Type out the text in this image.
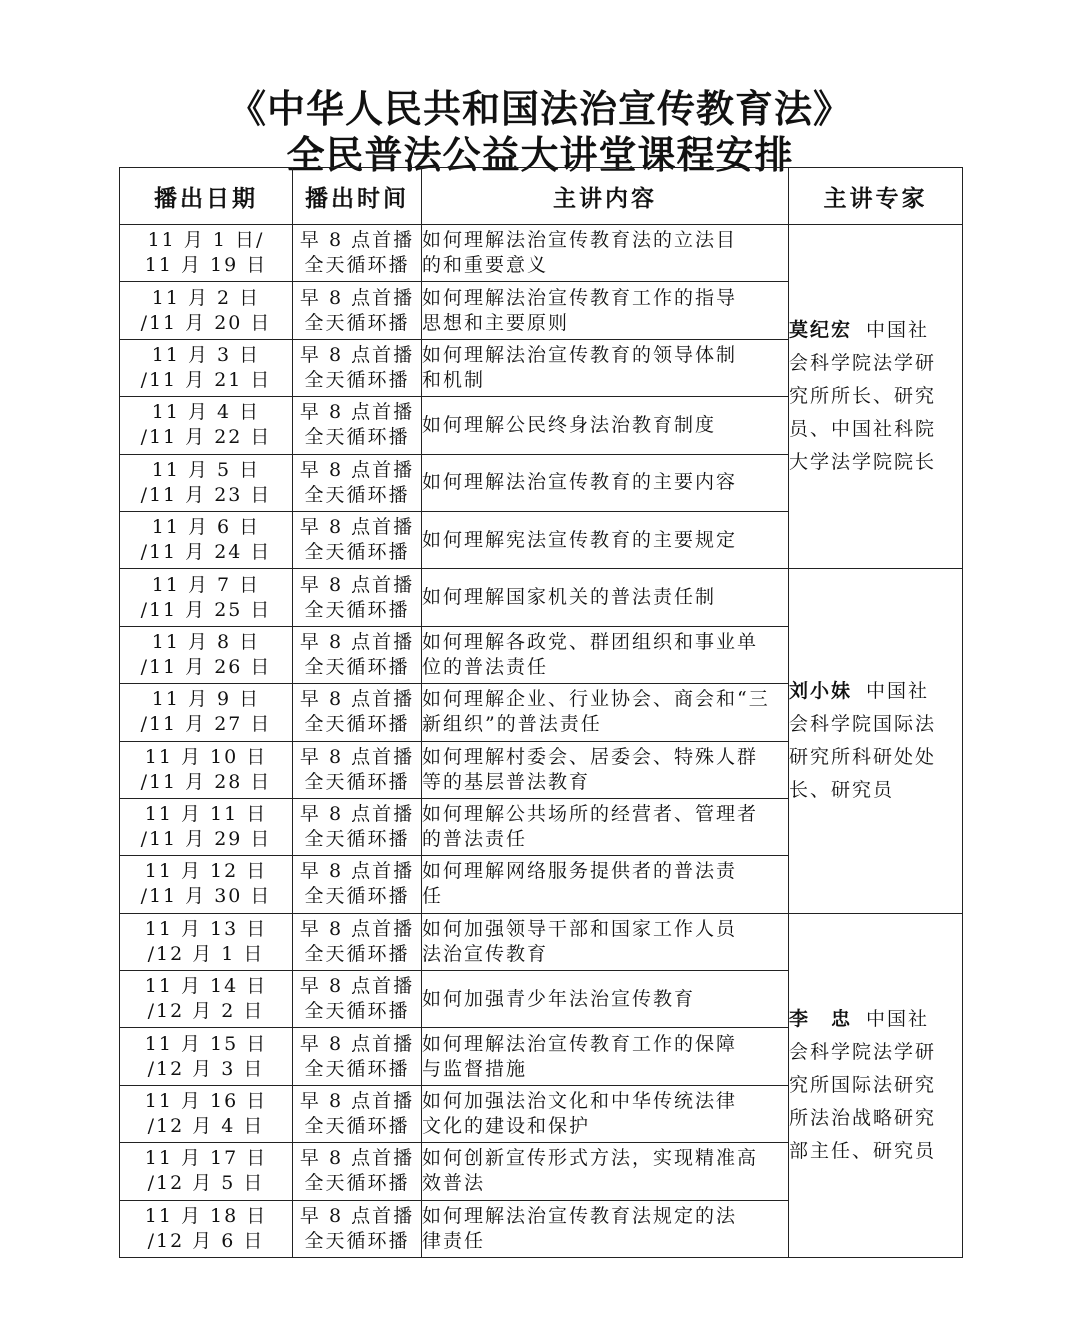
《中华人民共和国法治宣传教育法》
全民普法公益大讲堂课程安排
播出日期	播出时间	主讲内容	主讲专家

11 月 1 日/
11 月 19 日	早 8 点首播
全天循环播	如何理解法治宣传教育法的立法目
的和重要意义	莫纪宏 中国社
会科学院法学研
究所所长、研究
员、中国社科院
大学法学院院长

11 月 2 日
/11 月 20 日	早 8 点首播
全天循环播	如何理解法治宣传教育工作的指导
思想和主要原则	

11 月 3 日
/11 月 21 日	早 8 点首播
全天循环播	如何理解法治宣传教育的领导体制
和机制	

11 月 4 日
/11 月 22 日	早 8 点首播
全天循环播	如何理解公民终身法治教育制度	

11 月 5 日
/11 月 23 日	早 8 点首播
全天循环播	如何理解法治宣传教育的主要内容	

11 月 6 日
/11 月 24 日	早 8 点首播
全天循环播	如何理解宪法宣传教育的主要规定	

11 月 7 日
/11 月 25 日	早 8 点首播
全天循环播	如何理解国家机关的普法责任制	刘小妹 中国社
会科学院国际法
研究所科研处处
长、研究员

11 月 8 日
/11 月 26 日	早 8 点首播
全天循环播	如何理解各政党、群团组织和事业单
位的普法责任	

11 月 9 日
/11 月 27 日	早 8 点首播
全天循环播	如何理解企业、行业协会、商会和“三
新组织”的普法责任	

11 月 10 日
/11 月 28 日	早 8 点首播
全天循环播	如何理解村委会、居委会、特殊人群
等的基层普法教育	

11 月 11 日
/11 月 29 日	早 8 点首播
全天循环播	如何理解公共场所的经营者、管理者
的普法责任	

11 月 12 日
/11 月 30 日	早 8 点首播
全天循环播	如何理解网络服务提供者的普法责
任	

11 月 13 日
/12 月 1 日	早 8 点首播
全天循环播	如何加强领导干部和国家工作人员
法治宣传教育	李　忠 中国社
会科学院法学研
究所国际法研究
所法治战略研究
部主任、研究员

11 月 14 日
/12 月 2 日	早 8 点首播
全天循环播	如何加强青少年法治宣传教育	

11 月 15 日
/12 月 3 日	早 8 点首播
全天循环播	如何理解法治宣传教育工作的保障
与监督措施	

11 月 16 日
/12 月 4 日	早 8 点首播
全天循环播	如何加强法治文化和中华传统法律
文化的建设和保护	

11 月 17 日
/12 月 5 日	早 8 点首播
全天循环播	如何创新宣传形式方法，实现精准高
效普法	

11 月 18 日
/12 月 6 日	早 8 点首播
全天循环播	如何理解法治宣传教育法规定的法
律责任	
